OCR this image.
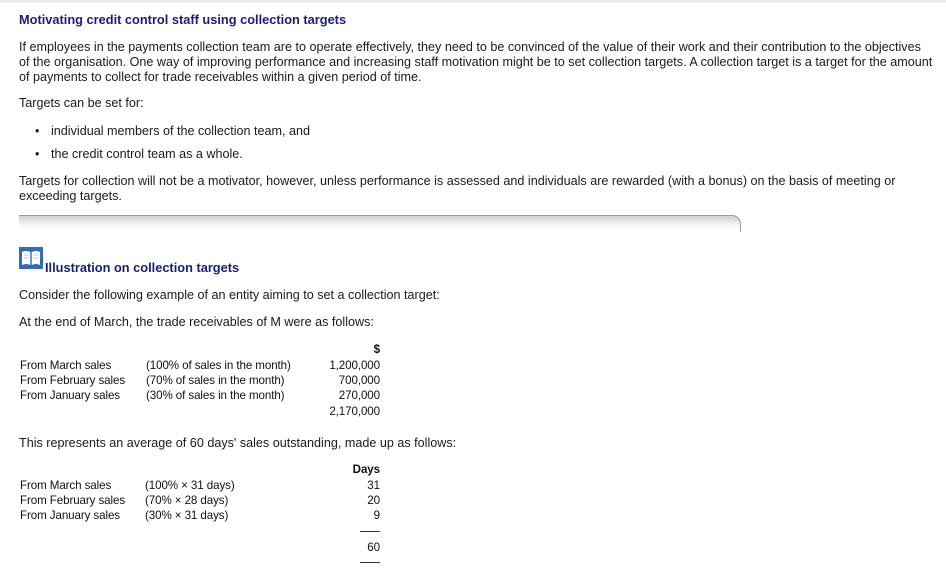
Motivating credit control staff using collection targets
If employees in the payments collection team are to operate effectively, they need to be convinced of the value of their work and their contribution to the objectives of the organisation. One way of improving performance and increasing staff motivation might be to set collection targets. A collection target is a target for the amount of payments to collect for trade receivables within a given period of time.
Targets can be set for:
• individual members of the collection team, and
• the credit control team as a whole.
Targets for collection will not be a motivator, however, unless performance is assessed and individuals are rewarded (with a bonus) on the basis of meeting or exceeding targets.
Illustration on collection targets
Consider the following example of an entity aiming to set a collection target:
At the end of March, the trade receivables of M were as follows:
$
From March sales	(100% of sales in the month)	1,200,000
From February sales (70% of sales in the month)	700,000
From January sales (30% of sales in the month)	270,000
2,170,000
This represents an average of 60 days' sales outstanding, made up as follows:
Days
From March sales	(100% × 31 days)	31
From February sales (70% × 28 days)	20
From January sales (30% × 31 days)	9
60
